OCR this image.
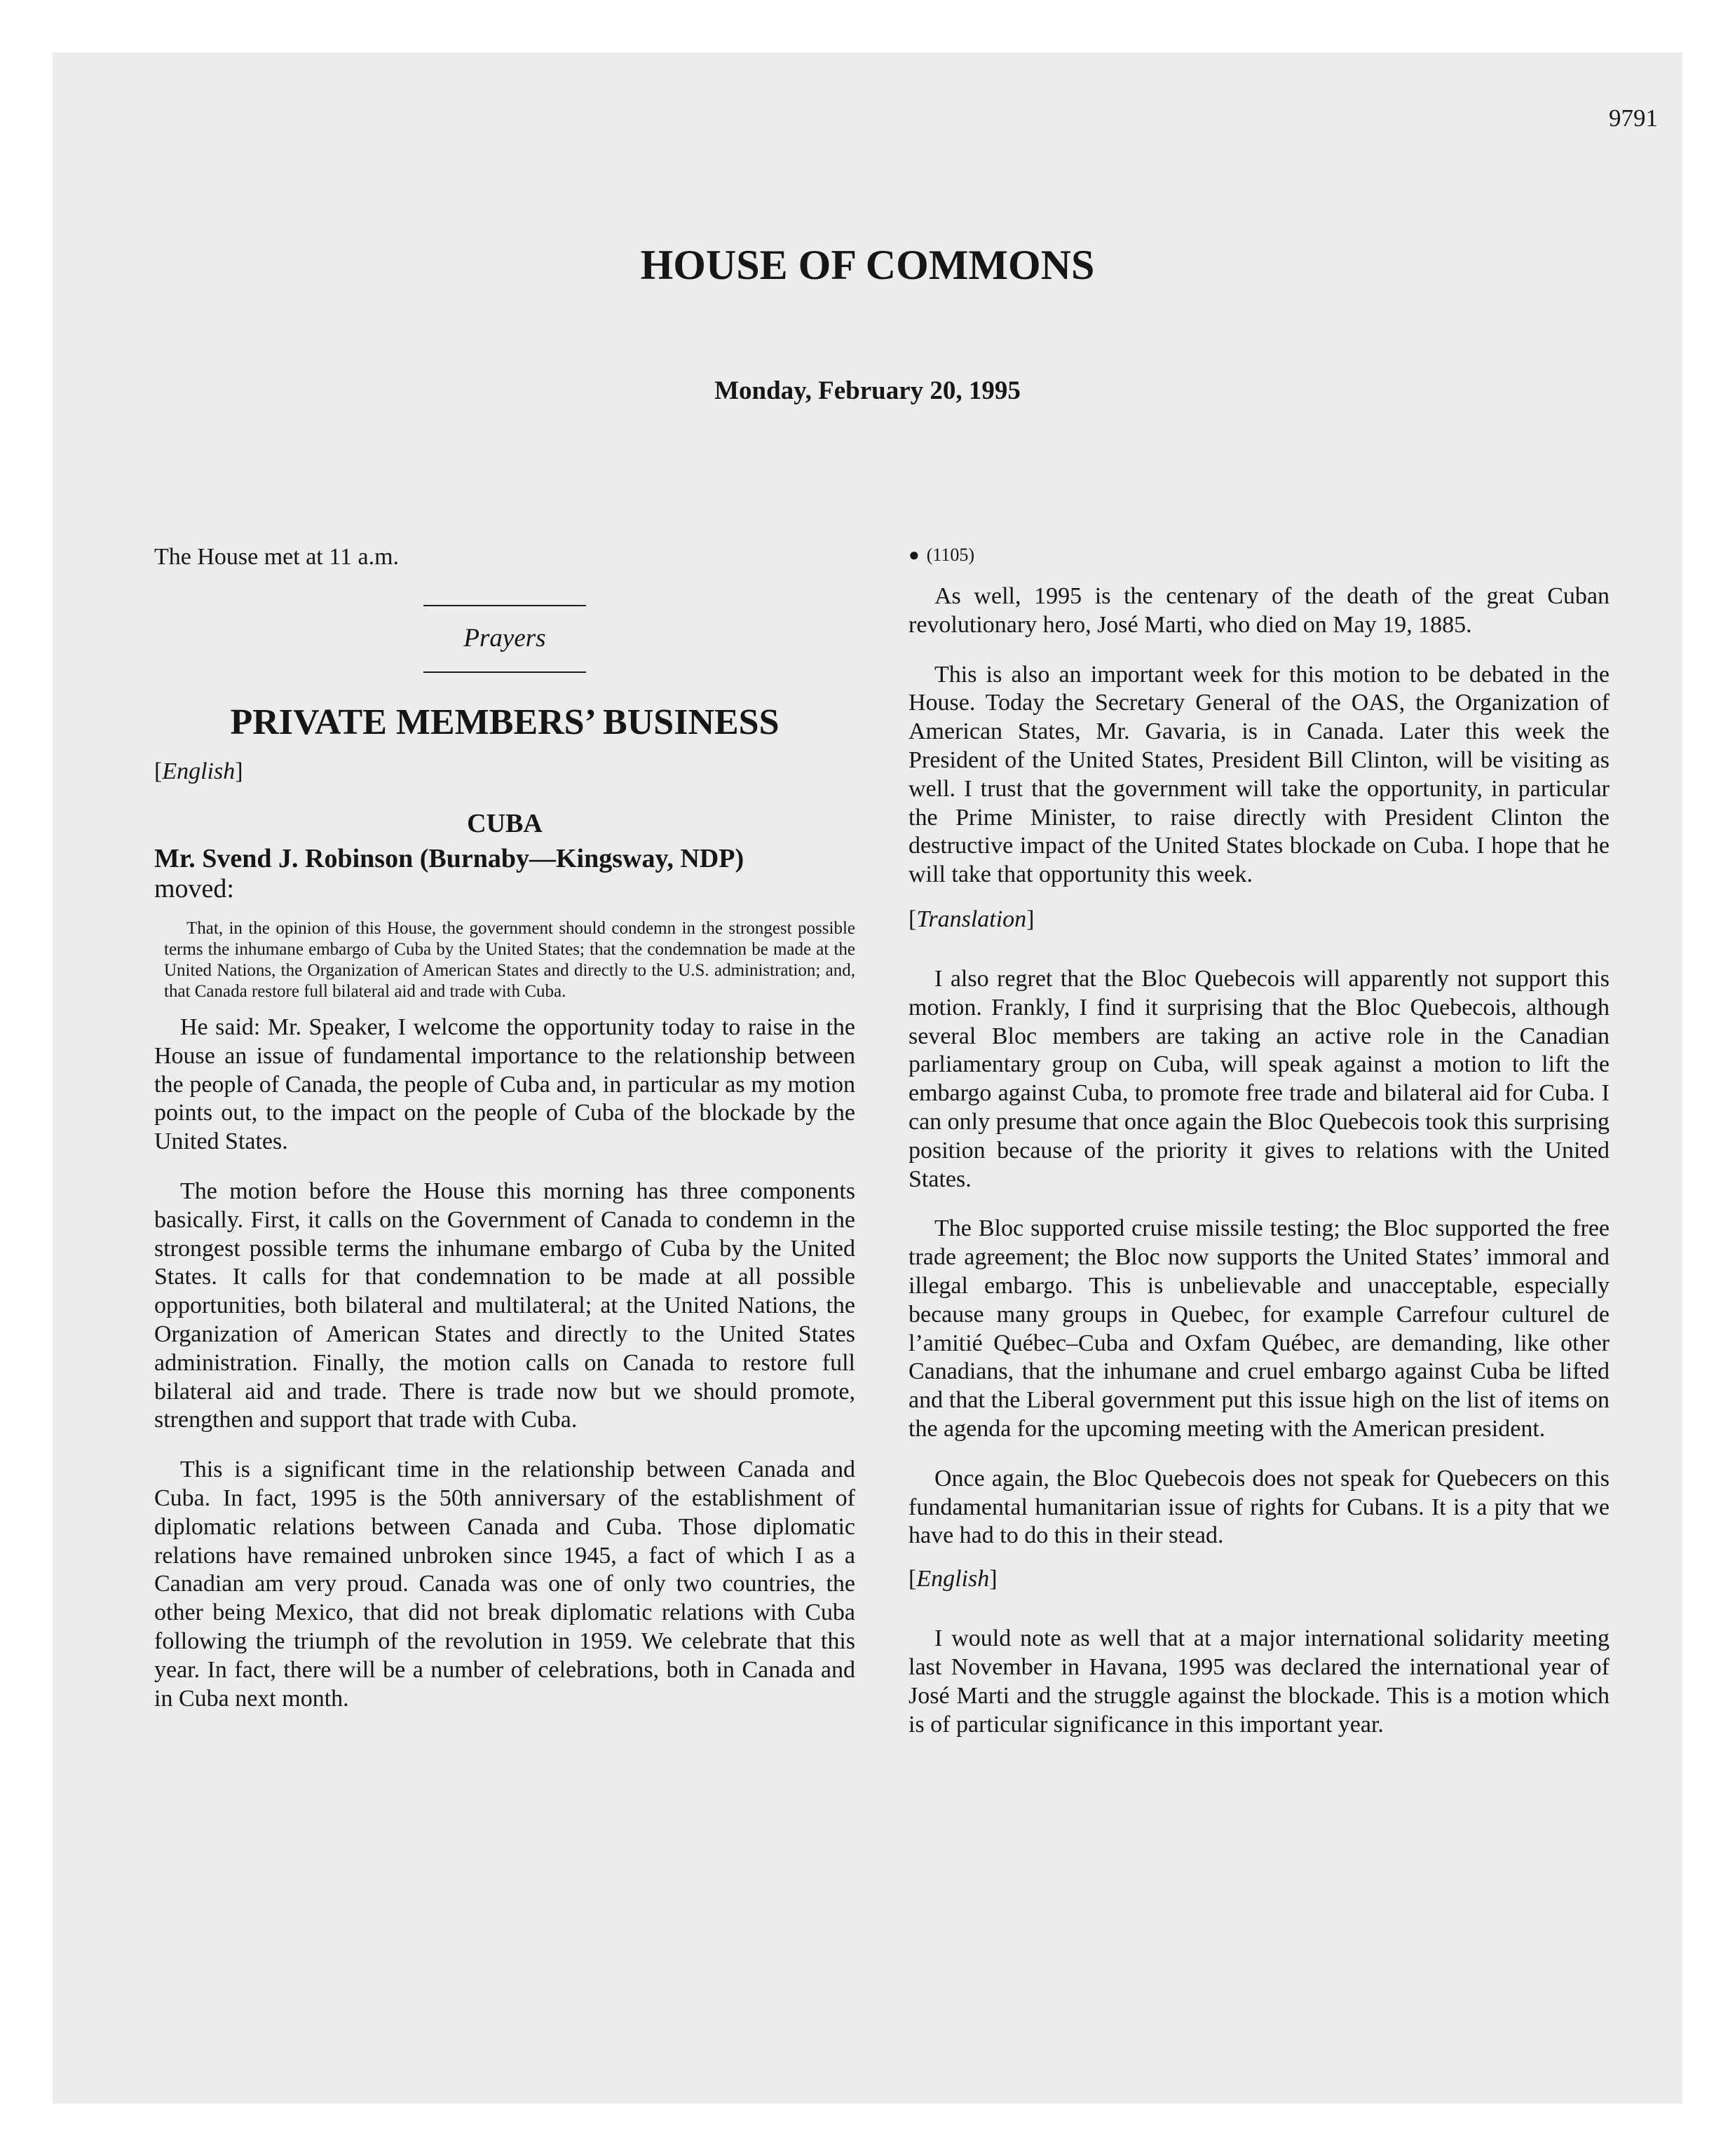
9791
HOUSE OF COMMONS
Monday, February 20, 1995

The House met at 11 a.m.

Prayers

PRIVATE MEMBERS’ BUSINESS

[English]

CUBA

Mr. Svend J. Robinson (Burnaby—Kingsway, NDP)
moved:

That, in the opinion of this House, the government should condemn in the strongest possible terms the inhumane embargo of Cuba by the United States; that the condemnation be made at the United Nations, the Organization of American States and directly to the U.S. administration; and, that Canada restore full bilateral aid and trade with Cuba.

He said: Mr. Speaker, I welcome the opportunity today to raise in the House an issue of fundamental importance to the relationship between the people of Canada, the people of Cuba and, in particular as my motion points out, to the impact on the people of Cuba of the blockade by the United States.

The motion before the House this morning has three components basically. First, it calls on the Government of Canada to condemn in the strongest possible terms the inhumane embargo of Cuba by the United States. It calls for that condemnation to be made at all possible opportunities, both bilateral and multilateral; at the United Nations, the Organization of American States and directly to the United States administration. Finally, the motion calls on Canada to restore full bilateral aid and trade. There is trade now but we should promote, strengthen and support that trade with Cuba.

This is a significant time in the relationship between Canada and Cuba. In fact, 1995 is the 50th anniversary of the establishment of diplomatic relations between Canada and Cuba. Those diplomatic relations have remained unbroken since 1945, a fact of which I as a Canadian am very proud. Canada was one of only two countries, the other being Mexico, that did not break diplomatic relations with Cuba following the triumph of the revolution in 1959. We celebrate that this year. In fact, there will be a number of celebrations, both in Canada and in Cuba next month.

● (1105)

As well, 1995 is the centenary of the death of the great Cuban revolutionary hero, José Marti, who died on May 19, 1885.

This is also an important week for this motion to be debated in the House. Today the Secretary General of the OAS, the Organization of American States, Mr. Gavaria, is in Canada. Later this week the President of the United States, President Bill Clinton, will be visiting as well. I trust that the government will take the opportunity, in particular the Prime Minister, to raise directly with President Clinton the destructive impact of the United States blockade on Cuba. I hope that he will take that opportunity this week.

[Translation]

I also regret that the Bloc Quebecois will apparently not support this motion. Frankly, I find it surprising that the Bloc Quebecois, although several Bloc members are taking an active role in the Canadian parliamentary group on Cuba, will speak against a motion to lift the embargo against Cuba, to promote free trade and bilateral aid for Cuba. I can only presume that once again the Bloc Quebecois took this surprising position because of the priority it gives to relations with the United States.

The Bloc supported cruise missile testing; the Bloc supported the free trade agreement; the Bloc now supports the United States’ immoral and illegal embargo. This is unbelievable and unacceptable, especially because many groups in Quebec, for example Carrefour culturel de l’amitié Québec–Cuba and Oxfam Québec, are demanding, like other Canadians, that the inhumane and cruel embargo against Cuba be lifted and that the Liberal government put this issue high on the list of items on the agenda for the upcoming meeting with the American president.

Once again, the Bloc Quebecois does not speak for Quebecers on this fundamental humanitarian issue of rights for Cubans. It is a pity that we have had to do this in their stead.

[English]

I would note as well that at a major international solidarity meeting last November in Havana, 1995 was declared the international year of José Marti and the struggle against the blockade. This is a motion which is of particular significance in this important year.
